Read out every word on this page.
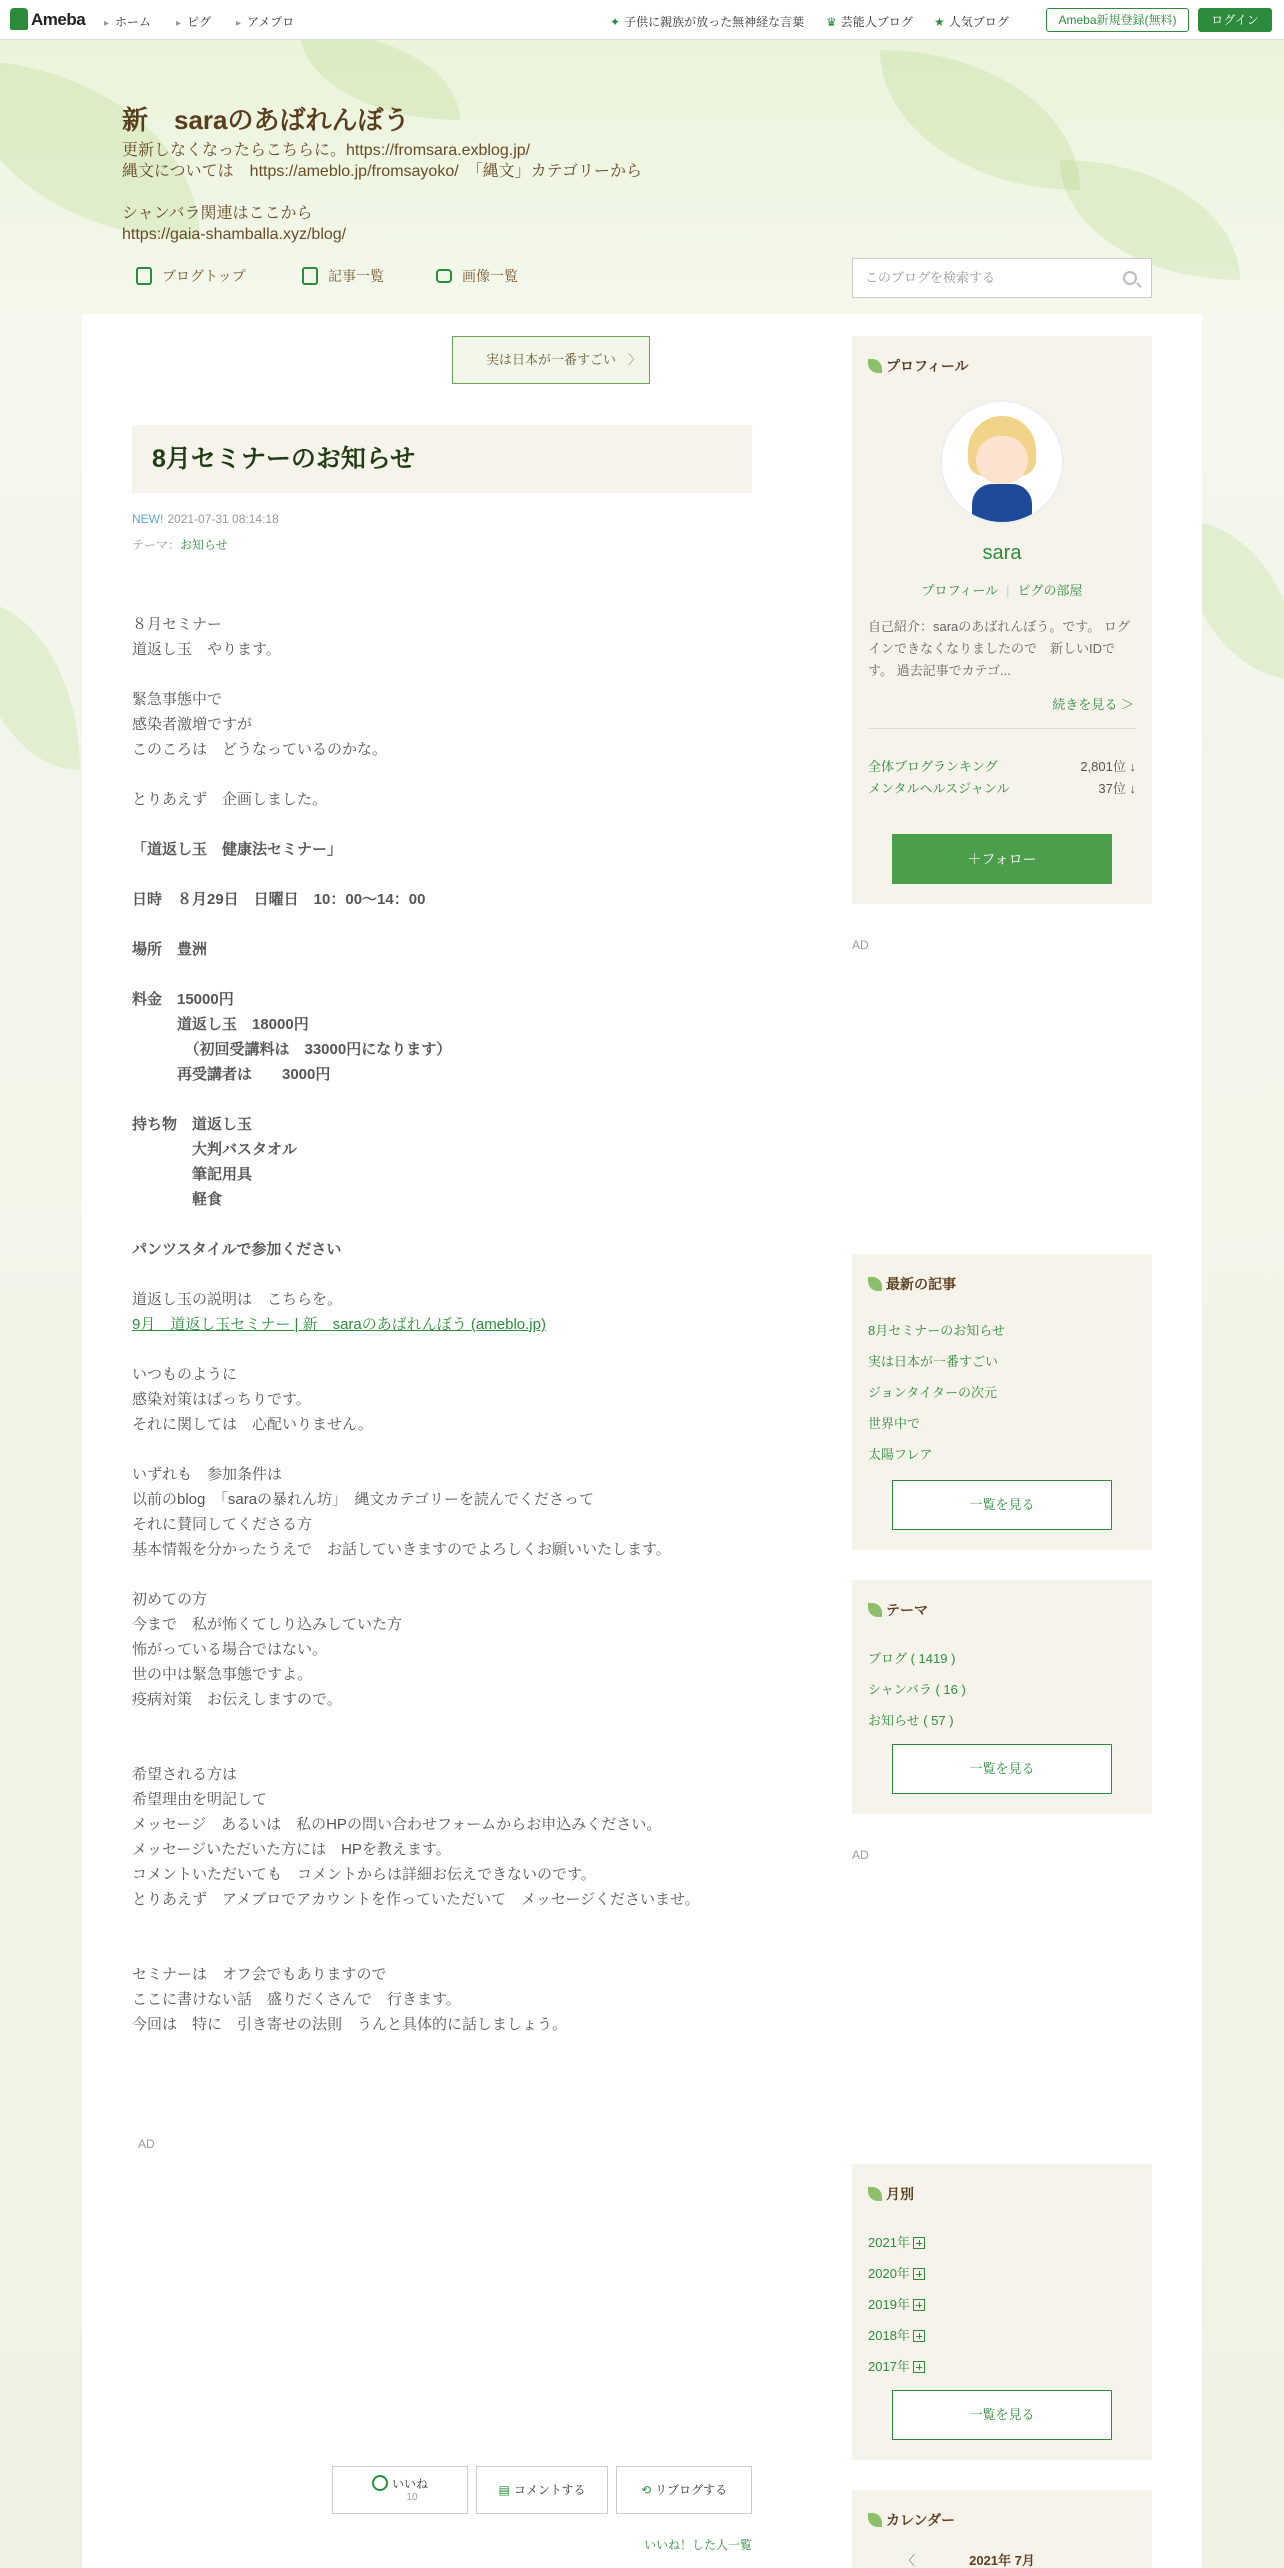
Ameba	▸ ホーム	▸ ピグ	▸ アメプロ	✦ 子供に親族が放った無神経な言葉 ♛ 芸能人ブログ ★ 人気ブログ	Ameba新規登録(無料)	ログイン
新　saraのあばれんぼう
更新しなくなったらこちらに。https://fromsara.exblog.jp/
縄文については　https://ameblo.jp/fromsayoko/　「縄文」カテゴリーから

シャンバラ関連はここから
https://gaia-shamballa.xyz/blog/
ブログトップ	記事一覧	画像一覧	このブログを検索する
実は日本が一番すごい 〉
8月セミナーのお知らせ
NEW! 2021-07-31 08:14:18
テーマ：お知らせ
８月セミナー
道返し玉　やります。
緊急事態中で
感染者激増ですが
このころは　どうなっているのかな。
とりあえず　企画しました。
「道返し玉　健康法セミナー」
日時　８月29日　日曜日　10：00～14：00
場所　豊洲
料金　15000円
　　　道返し玉　18000円
　　　　（初回受講料は　33000円になります）
　　　再受講者は　　3000円
持ち物　道返し玉
　　　　大判バスタオル
　　　　筆記用具
　　　　軽食
パンツスタイルで参加ください
道返し玉の説明は　こちらを。
9月　道返し玉セミナー | 新　saraのあばれんぼう (ameblo.jp)
いつものように
感染対策はばっちりです。
それに関しては　心配いりません。
いずれも　参加条件は
以前のblog　「saraの暴れん坊」　縄文カテゴリーを読んでくださって
それに賛同してくださる方
基本情報を分かったうえで　お話していきますのでよろしくお願いいたします。
初めての方
今まで　私が怖くてしり込みしていた方
怖がっている場合ではない。
世の中は緊急事態ですよ。
疫病対策　お伝えしますので。
希望される方は
希望理由を明記して
メッセージ　あるいは　私のHPの問い合わせフォームからお申込みください。
メッセージいただいた方には　HPを教えます。
コメントいただいても　コメントからは詳細お伝えできないのです。
とりあえず　アメブロでアカウントを作っていただいて　メッセージくださいませ。
セミナーは　オフ会でもありますので
ここに書けない話　盛りだくさんで　行きます。
今回は　特に　引き寄せの法則　うんと具体的に話しましょう。
AD
いいね
10
▤ コメントする	⟲ リブログする
いいね！した人一覧
プロフィール
sara
プロフィール | ピグの部屋
自己紹介：saraのあばれんぼう。です。 ログインできなくなりましたので　新しいIDです。 過去記事でカテゴ...
続きを見る ＞
全体ブログランキング	2,801位 ↓
メンタルヘルスジャンル	37位 ↓
＋フォロー
AD
最新の記事
8月セミナーのお知らせ
実は日本が一番すごい
ジョンタイターの次元
世界中で
太陽フレア
一覧を見る
テーマ
ブログ ( 1419 )
シャンバラ ( 16 )
お知らせ ( 57 )
一覧を見る
AD
月別
2021年
2020年
2019年
2018年
2017年
一覧を見る
カレンダー
〈	2021年 7月
